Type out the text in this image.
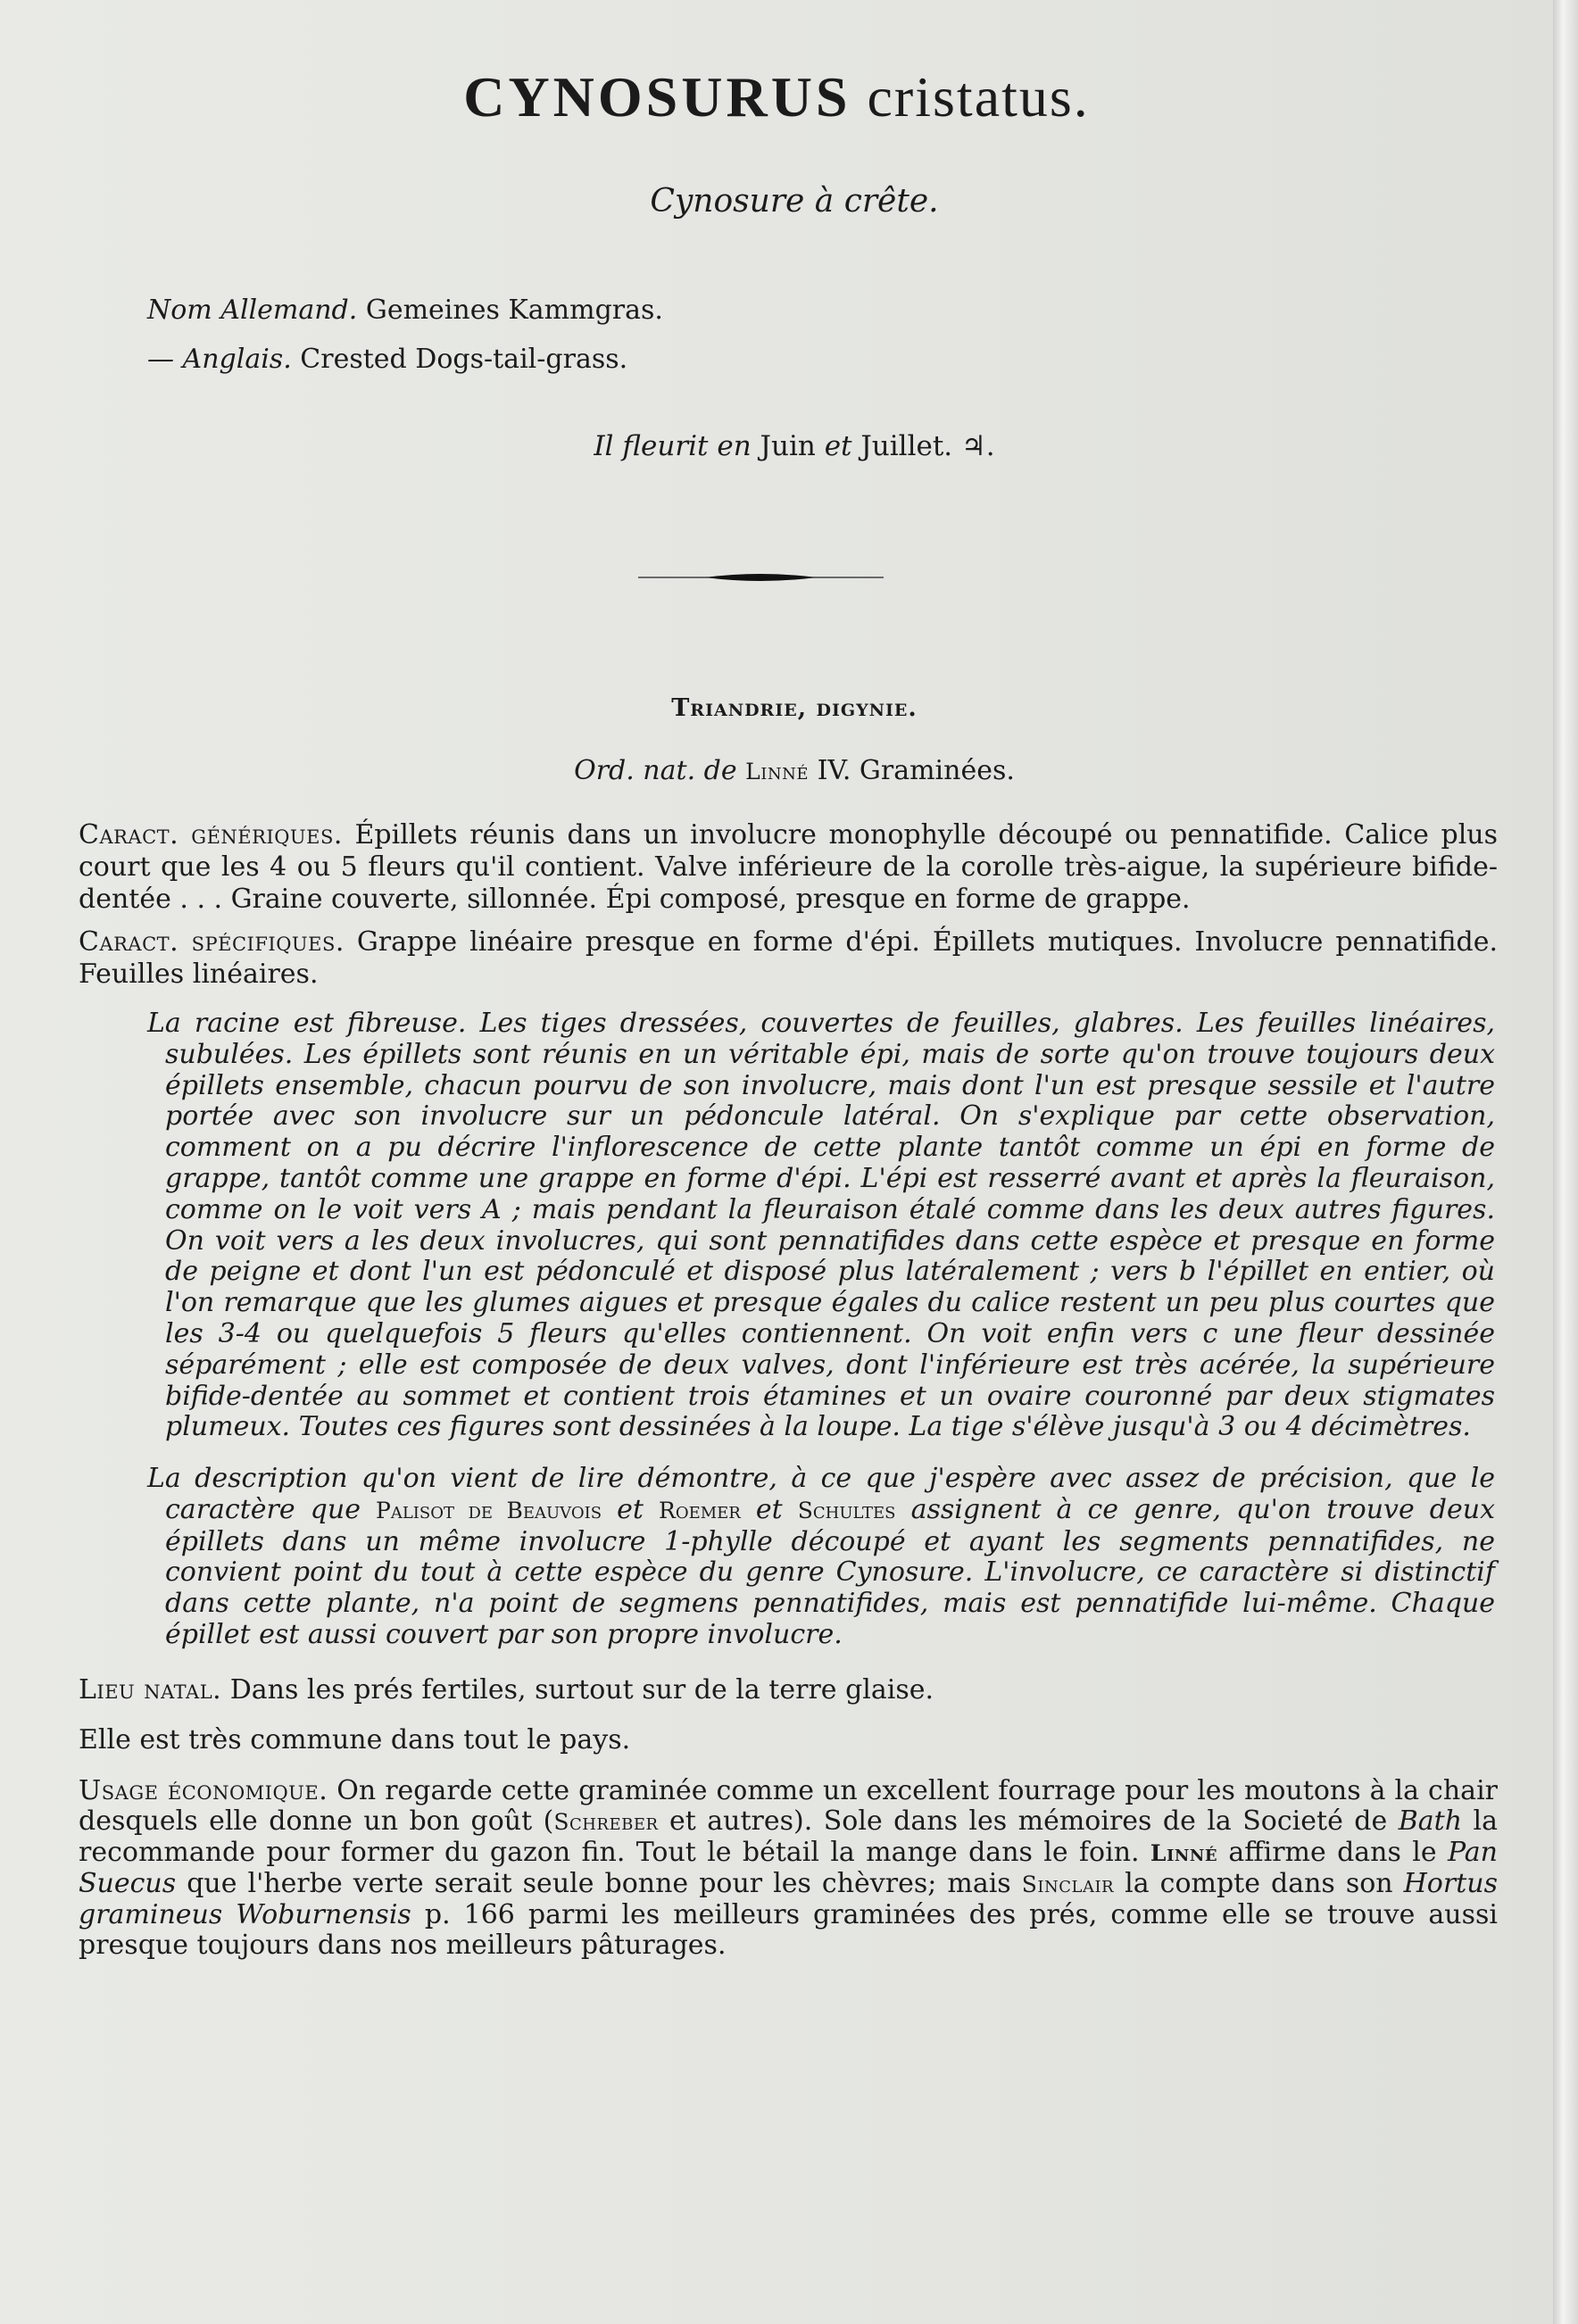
CYNOSURUS cristatus.
Cynosure à crête.
Nom Allemand. Gemeines Kammgras.
— Anglais. Crested Dogs-tail-grass.
Il fleurit en Juin et Juillet. ♃.
Triandrie, digynie.
Ord. nat. de Linné IV. Graminées.
Caract. génériques. Épillets réunis dans un involucre monophylle découpé ou pennatifide. Calice plus court que les 4 ou 5 fleurs qu'il contient. Valve inférieure de la corolle très-aigue, la supérieure bifide-dentée . . . Graine couverte, sillonnée. Épi composé, presque en forme de grappe.
Caract. spécifiques. Grappe linéaire presque en forme d'épi. Épillets mutiques. Involucre pennatifide. Feuilles linéaires.
La racine est fibreuse. Les tiges dressées, couvertes de feuilles, glabres. Les feuilles linéaires, subulées. Les épillets sont réunis en un véritable épi, mais de sorte qu'on trouve toujours deux épillets ensemble, chacun pourvu de son involucre, mais dont l'un est presque sessile et l'autre portée avec son involucre sur un pédoncule latéral. On s'explique par cette observation, comment on a pu décrire l'inflorescence de cette plante tantôt comme un épi en forme de grappe, tantôt comme une grappe en forme d'épi. L'épi est resserré avant et après la fleuraison, comme on le voit vers A ; mais pendant la fleuraison étalé comme dans les deux autres figures. On voit vers a les deux involucres, qui sont pennatifides dans cette espèce et presque en forme de peigne et dont l'un est pédonculé et disposé plus latéralement ; vers b l'épillet en entier, où l'on remarque que les glumes aigues et presque égales du calice restent un peu plus courtes que les 3-4 ou quelquefois 5 fleurs qu'elles contiennent. On voit enfin vers c une fleur dessinée séparément ; elle est composée de deux valves, dont l'inférieure est très acérée, la supérieure bifide-dentée au sommet et contient trois étamines et un ovaire couronné par deux stigmates plumeux. Toutes ces figures sont dessinées à la loupe. La tige s'élève jusqu'à 3 ou 4 décimètres.
La description qu'on vient de lire démontre, à ce que j'espère avec assez de précision, que le caractère que Palisot de Beauvois et Roemer et Schultes assignent à ce genre, qu'on trouve deux épillets dans un même involucre 1-phylle découpé et ayant les segments pennatifides, ne convient point du tout à cette espèce du genre Cynosure. L'involucre, ce caractère si distinctif dans cette plante, n'a point de segmens pennatifides, mais est pennatifide lui-même. Chaque épillet est aussi couvert par son propre involucre.
Lieu natal. Dans les prés fertiles, surtout sur de la terre glaise.
Elle est très commune dans tout le pays.
Usage économique. On regarde cette graminée comme un excellent fourrage pour les moutons à la chair desquels elle donne un bon goût (Schreber et autres). Sole dans les mémoires de la Societé de Bath la recommande pour former du gazon fin. Tout le bétail la mange dans le foin. Linné affirme dans le Pan Suecus que l'herbe verte serait seule bonne pour les chèvres; mais Sinclair la compte dans son Hortus gramineus Woburnensis p. 166 parmi les meilleurs graminées des prés, comme elle se trouve aussi presque toujours dans nos meilleurs pâturages.
